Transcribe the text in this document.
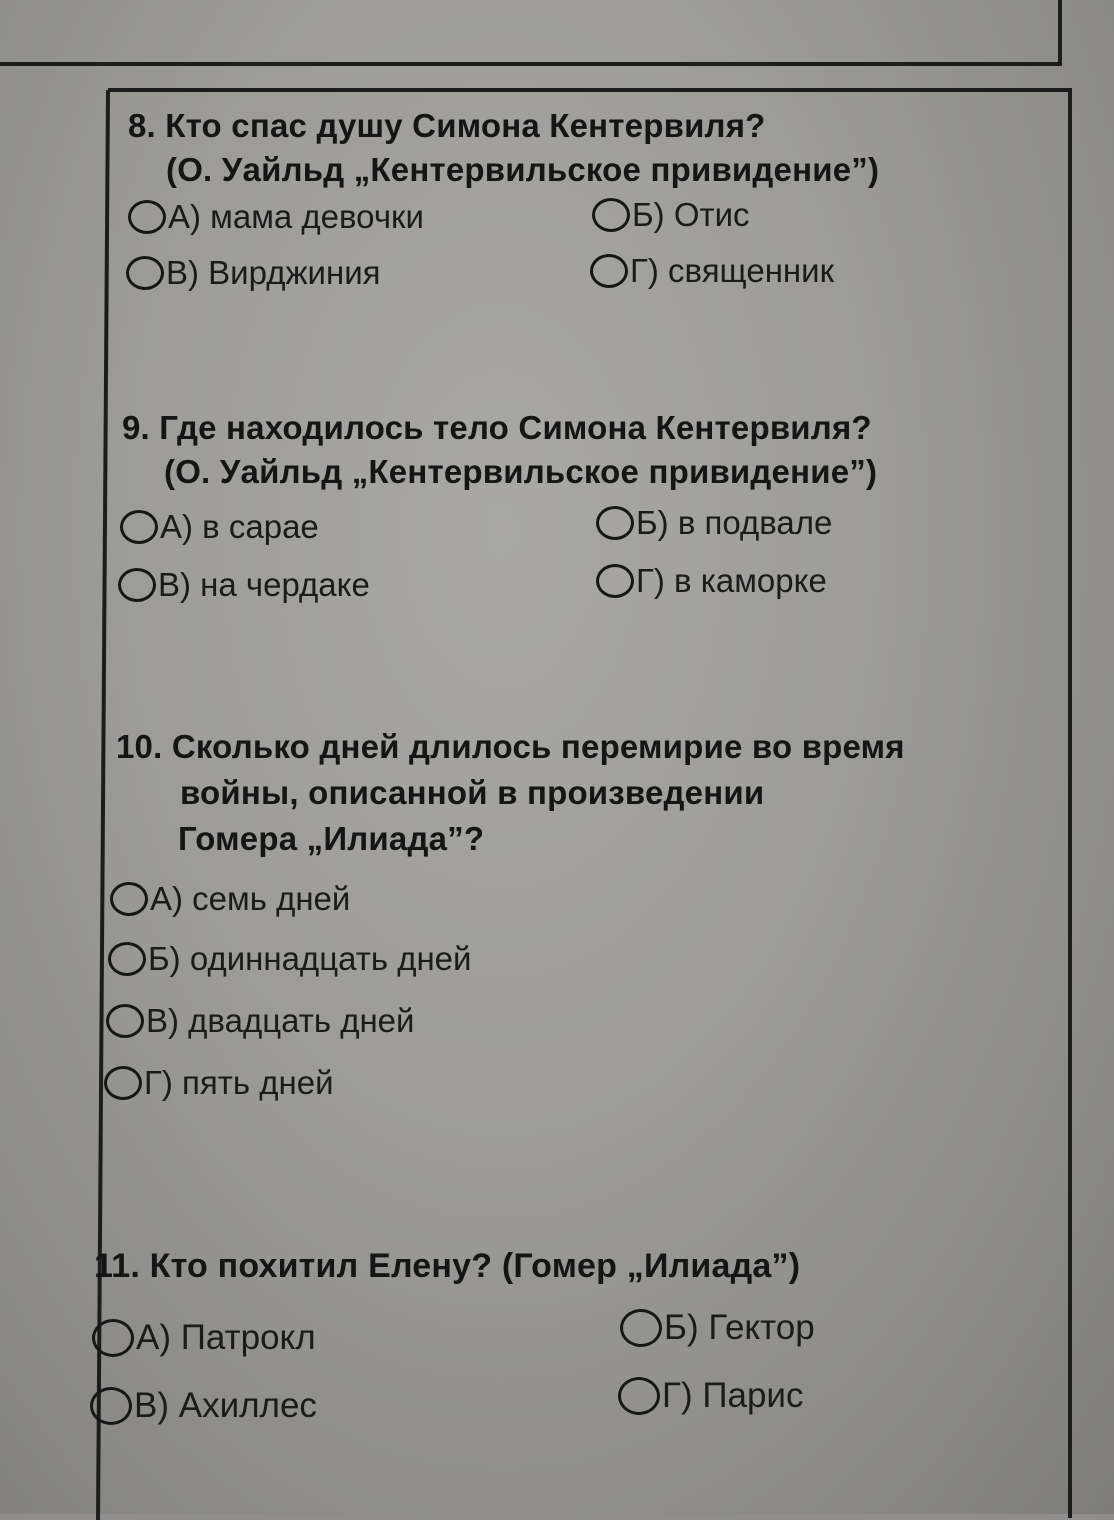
8. Кто спас душу Симона Кентервиля?
(О. Уайльд „Кентервильское привидение”)
А) мама девочки	Б) Отис
В) Вирджиния	Г) священник
9. Где находилось тело Симона Кентервиля?
(О. Уайльд „Кентервильское привидение”)
А) в сарае	Б) в подвале
В) на чердаке	Г) в каморке
10. Сколько дней длилось перемирие во время
войны, описанной в произведении
Гомера „Илиада”?
А) семь дней
Б) одиннадцать дней
В) двадцать дней
Г) пять дней
11. Кто похитил Елену? (Гомер „Илиада”)
А) Патрокл	Б) Гектор
В) Ахиллес	Г) Парис
